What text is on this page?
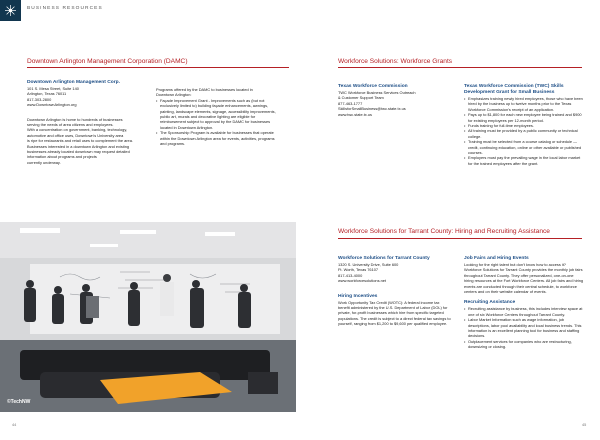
BUSINESS RESOURCES
Downtown Arlington Management Corporation (DAMC)
Downtown Arlington Management Corp.

101 S. Mesa Street, Suite 140

Arlington, Texas 76011

817-303-2800

www.DowntownArlington.org

Downtown Arlington is home to hundreds of businesses

serving the needs of area citizens and employees.

With a concentration on government, banking, technology,

automotive and office uses, Downtown's University area

is ripe for restaurants and retail uses to complement the area.

Businesses interested in a downtown Arlington and existing

businesses already located downtown may request detailed

information about programs and projects

currently underway.

Programs offered by the DAMC to businesses located in

Downtown Arlington:

• Façade Improvement Grant - Improvements such as (but not exclusively limited to) building façade enhancements, awnings, painting, landscape elements, signage, accessibility improvements, public art, murals and decorative lighting are eligible for reimbursement subject to approval by the DAMC for businesses located in Downtown Arlington.
• The Sponsorship Program is available for businesses that operate within the Downtown Arlington area for events, activities, programs and programs.
Workforce Solutions: Workforce Grants
Texas Workforce Commission

TWC Workforce Business Services Outreach

& Customer Support Team

877-463-1777

SkillsforSmallBusiness@twc.state.tx.us

www.twc.state.tx.us

Texas Workforce Commission (TWC) Skills Development Grant for Small Business
• Emphasizes training newly hired employees, those who have been hired by the business up to twelve months prior to the Texas Workforce Commission's receipt of an application.
• Pays up to $1,800 for each new employee being trained and $900 for existing employees per 12-month period.
• Funds training for full-time employees.
• All training must be provided by a public community or technical college.
• Training must be selected from a course catalog or schedule — credit, continuing education, online or other available or published courses.
• Employers must pay the prevailing wage in the local labor market for the trained employees after the grant.
©TechNW
Workforce Solutions for Tarrant County: Hiring and Recruiting Assistance
Workforce Solutions for Tarrant County

1320 S. University Drive, Suite 600

Ft. Worth, Texas 76107

817-413-4000

www.workforcesolutions.net

Hiring Incentives
Work Opportunity Tax Credit (WOTC): A federal income tax benefit administered by the U.S. Department of Labor (DOL) for private, for-profit businesses which hire from specific targeted populations. The credit is subject to a direct federal tax savings to yourself, ranging from $1,200 to $9,600 per qualified employee.
Job Fairs and Hiring Events
Looking for the right talent but don't know how to access it? Workforce Solutions for Tarrant County provides the monthly job fairs throughout Tarrant County. They offer personalized, one-on-one hiring resources at the Fort Workforce Centers. All job fairs and hiring events are conducted through their central schedule, to workforce centers and on their website calendar of events.
Recruiting Assistance
• Recruiting assistance by business, this includes interview space at one of six Workforce Centers throughout Tarrant County.
• Labor Market Information such as wage information, job descriptions, labor pool availability and local business trends. This information is an excellent planning tool for business and staffing decisions.
• Outplacement services for companies who are restructuring, downsizing or closing.
44	45
